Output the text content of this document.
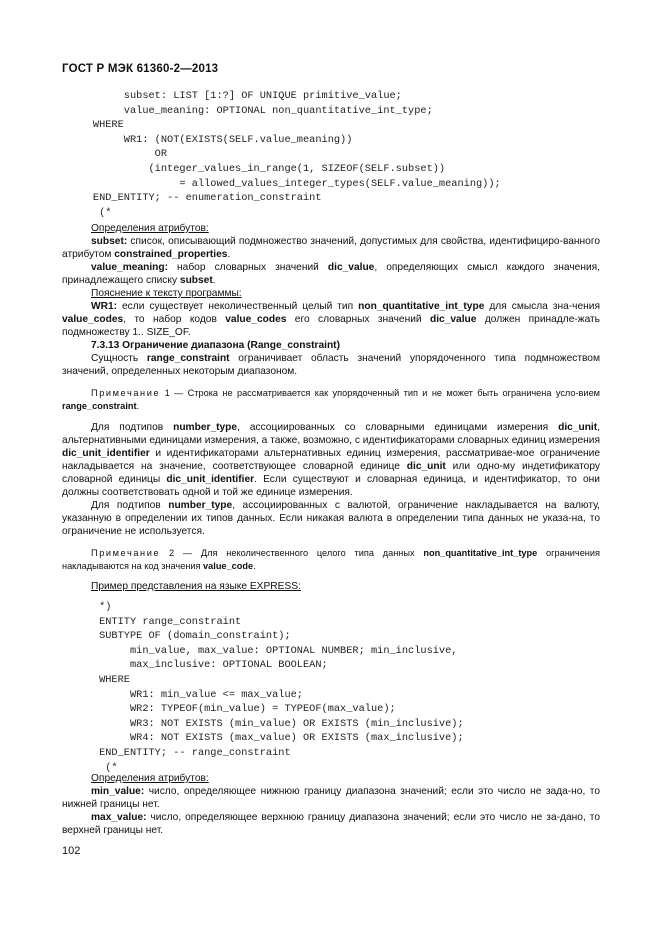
ГОСТ Р МЭК 61360-2—2013
subset: LIST [1:?] OF UNIQUE primitive_value;
value_meaning: OPTIONAL non_quantitative_int_type;
WHERE
WR1: (NOT(EXISTS(SELF.value_meaning))
OR
(integer_values_in_range(1, SIZEOF(SELF.subset))
= allowed_values_integer_types(SELF.value_meaning));
END_ENTITY; -- enumeration_constraint
(*

Определения атрибутов:

subset: список, описывающий подмножество значений, допустимых для свойства, идентифициро-ванного атрибутом constrained_properties.

value_meaning: набор словарных значений dic_value, определяющих смысл каждого значения, принадлежащего списку subset.

Пояснение к тексту программы:

WR1: если существует неколичественный целый тип non_quantitative_int_type для смысла зна-чения value_codes, то набор кодов value_codes его словарных значений dic_value должен принадле-жать подмножеству 1.. SIZE_OF.

7.3.13 Ограничение диапазона (Range_constraint)

Сущность range_constraint ограничивает область значений упорядоченного типа подмножеством значений, определенных некоторым диапазоном.

Примечание 1 — Строка не рассматривается как упорядоченный тип и не может быть ограничена усло-вием range_constraint.

Для подтипов number_type, ассоциированных со словарными единицами измерения dic_unit, альтернативными единицами измерения, а также, возможно, с идентификаторами словарных единиц измерения dic_unit_identifier и идентификаторами альтернативных единиц измерения, рассматривае-мое ограничение накладывается на значение, соответствующее словарной единице dic_unit или одно-му индетификатору словарной единицы dic_unit_identifier. Если существуют и словарная единица, и идентификатор, то они должны соответствовать одной и той же единице измерения.

Для подтипов number_type, ассоциированных с валютой, ограничение накладывается на валюту, указанную в определении их типов данных. Если никакая валюта в определении типа данных не указа-на, то ограничение не используется.

Примечание 2 — Для неколичественного целого типа данных non_quantitative_int_type ограничения накладываются на код значения value_code.

Пример представления на языке EXPRESS:

*)
ENTITY range_constraint
SUBTYPE OF (domain_constraint);
min_value, max_value: OPTIONAL NUMBER; min_inclusive,
max_inclusive: OPTIONAL BOOLEAN;
WHERE
WR1: min_value <= max_value;
WR2: TYPEOF(min_value) = TYPEOF(max_value);
WR3: NOT EXISTS (min_value) OR EXISTS (min_inclusive);
WR4: NOT EXISTS (max_value) OR EXISTS (max_inclusive);
END_ENTITY; -- range_constraint
(*

Определения атрибутов:

min_value: число, определяющее нижнюю границу диапазона значений; если это число не зада-но, то нижней границы нет.

max_value: число, определяющее верхнюю границу диапазона значений; если это число не за-дано, то верхней границы нет.

102
